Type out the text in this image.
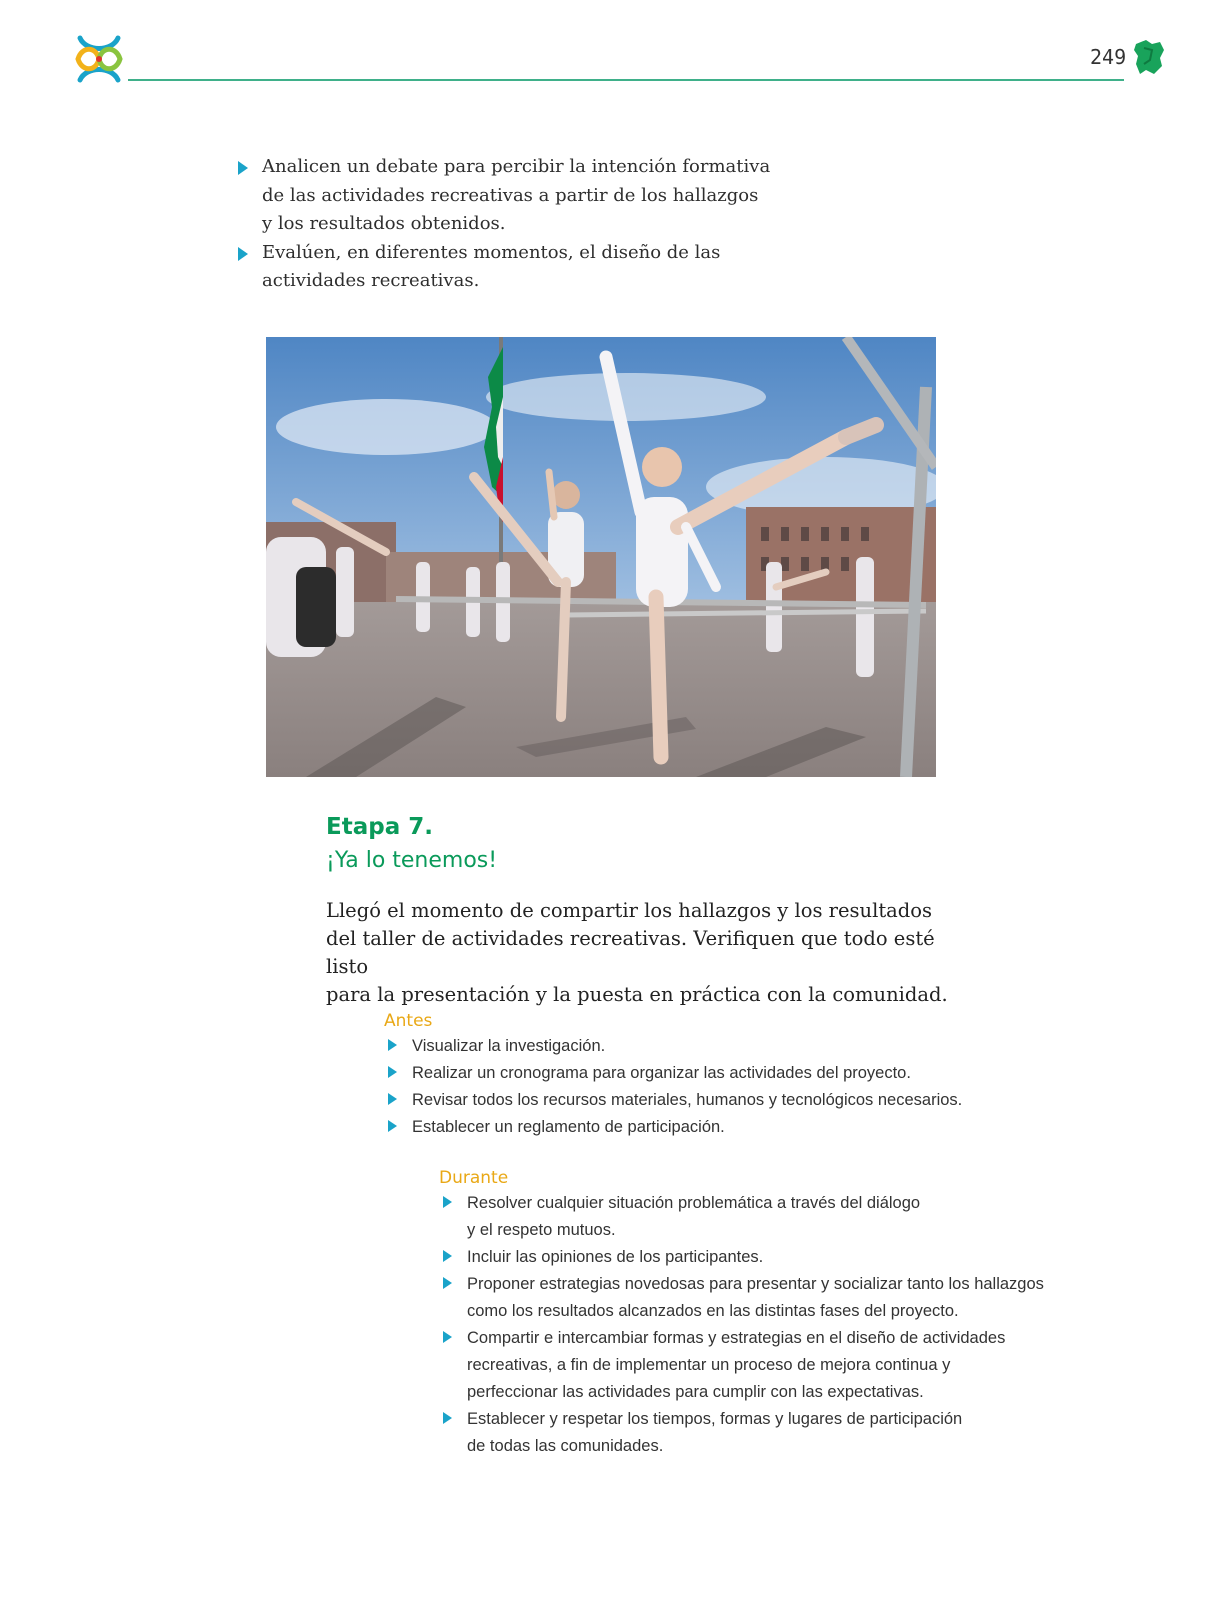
249
Analicen un debate para percibir la intención formativa
de las actividades recreativas a partir de los hallazgos
y los resultados obtenidos.
Evalúen, en diferentes momentos, el diseño de las
actividades recreativas.
Etapa 7.

¡Ya lo tenemos!

Llegó el momento de compartir los hallazgos y los resultados
del taller de actividades recreativas. Verifiquen que todo esté listo
para la presentación y la puesta en práctica con la comunidad.

Antes

Visualizar la investigación.
Realizar un cronograma para organizar las actividades del proyecto.
Revisar todos los recursos materiales, humanos y tecnológicos necesarios.
Establecer un reglamento de participación.

Durante

Resolver cualquier situación problemática a través del diálogo
y el respeto mutuos.
Incluir las opiniones de los participantes.
Proponer estrategias novedosas para presentar y socializar tanto los hallazgos
como los resultados alcanzados en las distintas fases del proyecto.
Compartir e intercambiar formas y estrategias en el diseño de actividades
recreativas, a fin de implementar un proceso de mejora continua y
perfeccionar las actividades para cumplir con las expectativas.
Establecer y respetar los tiempos, formas y lugares de participación
de todas las comunidades.
